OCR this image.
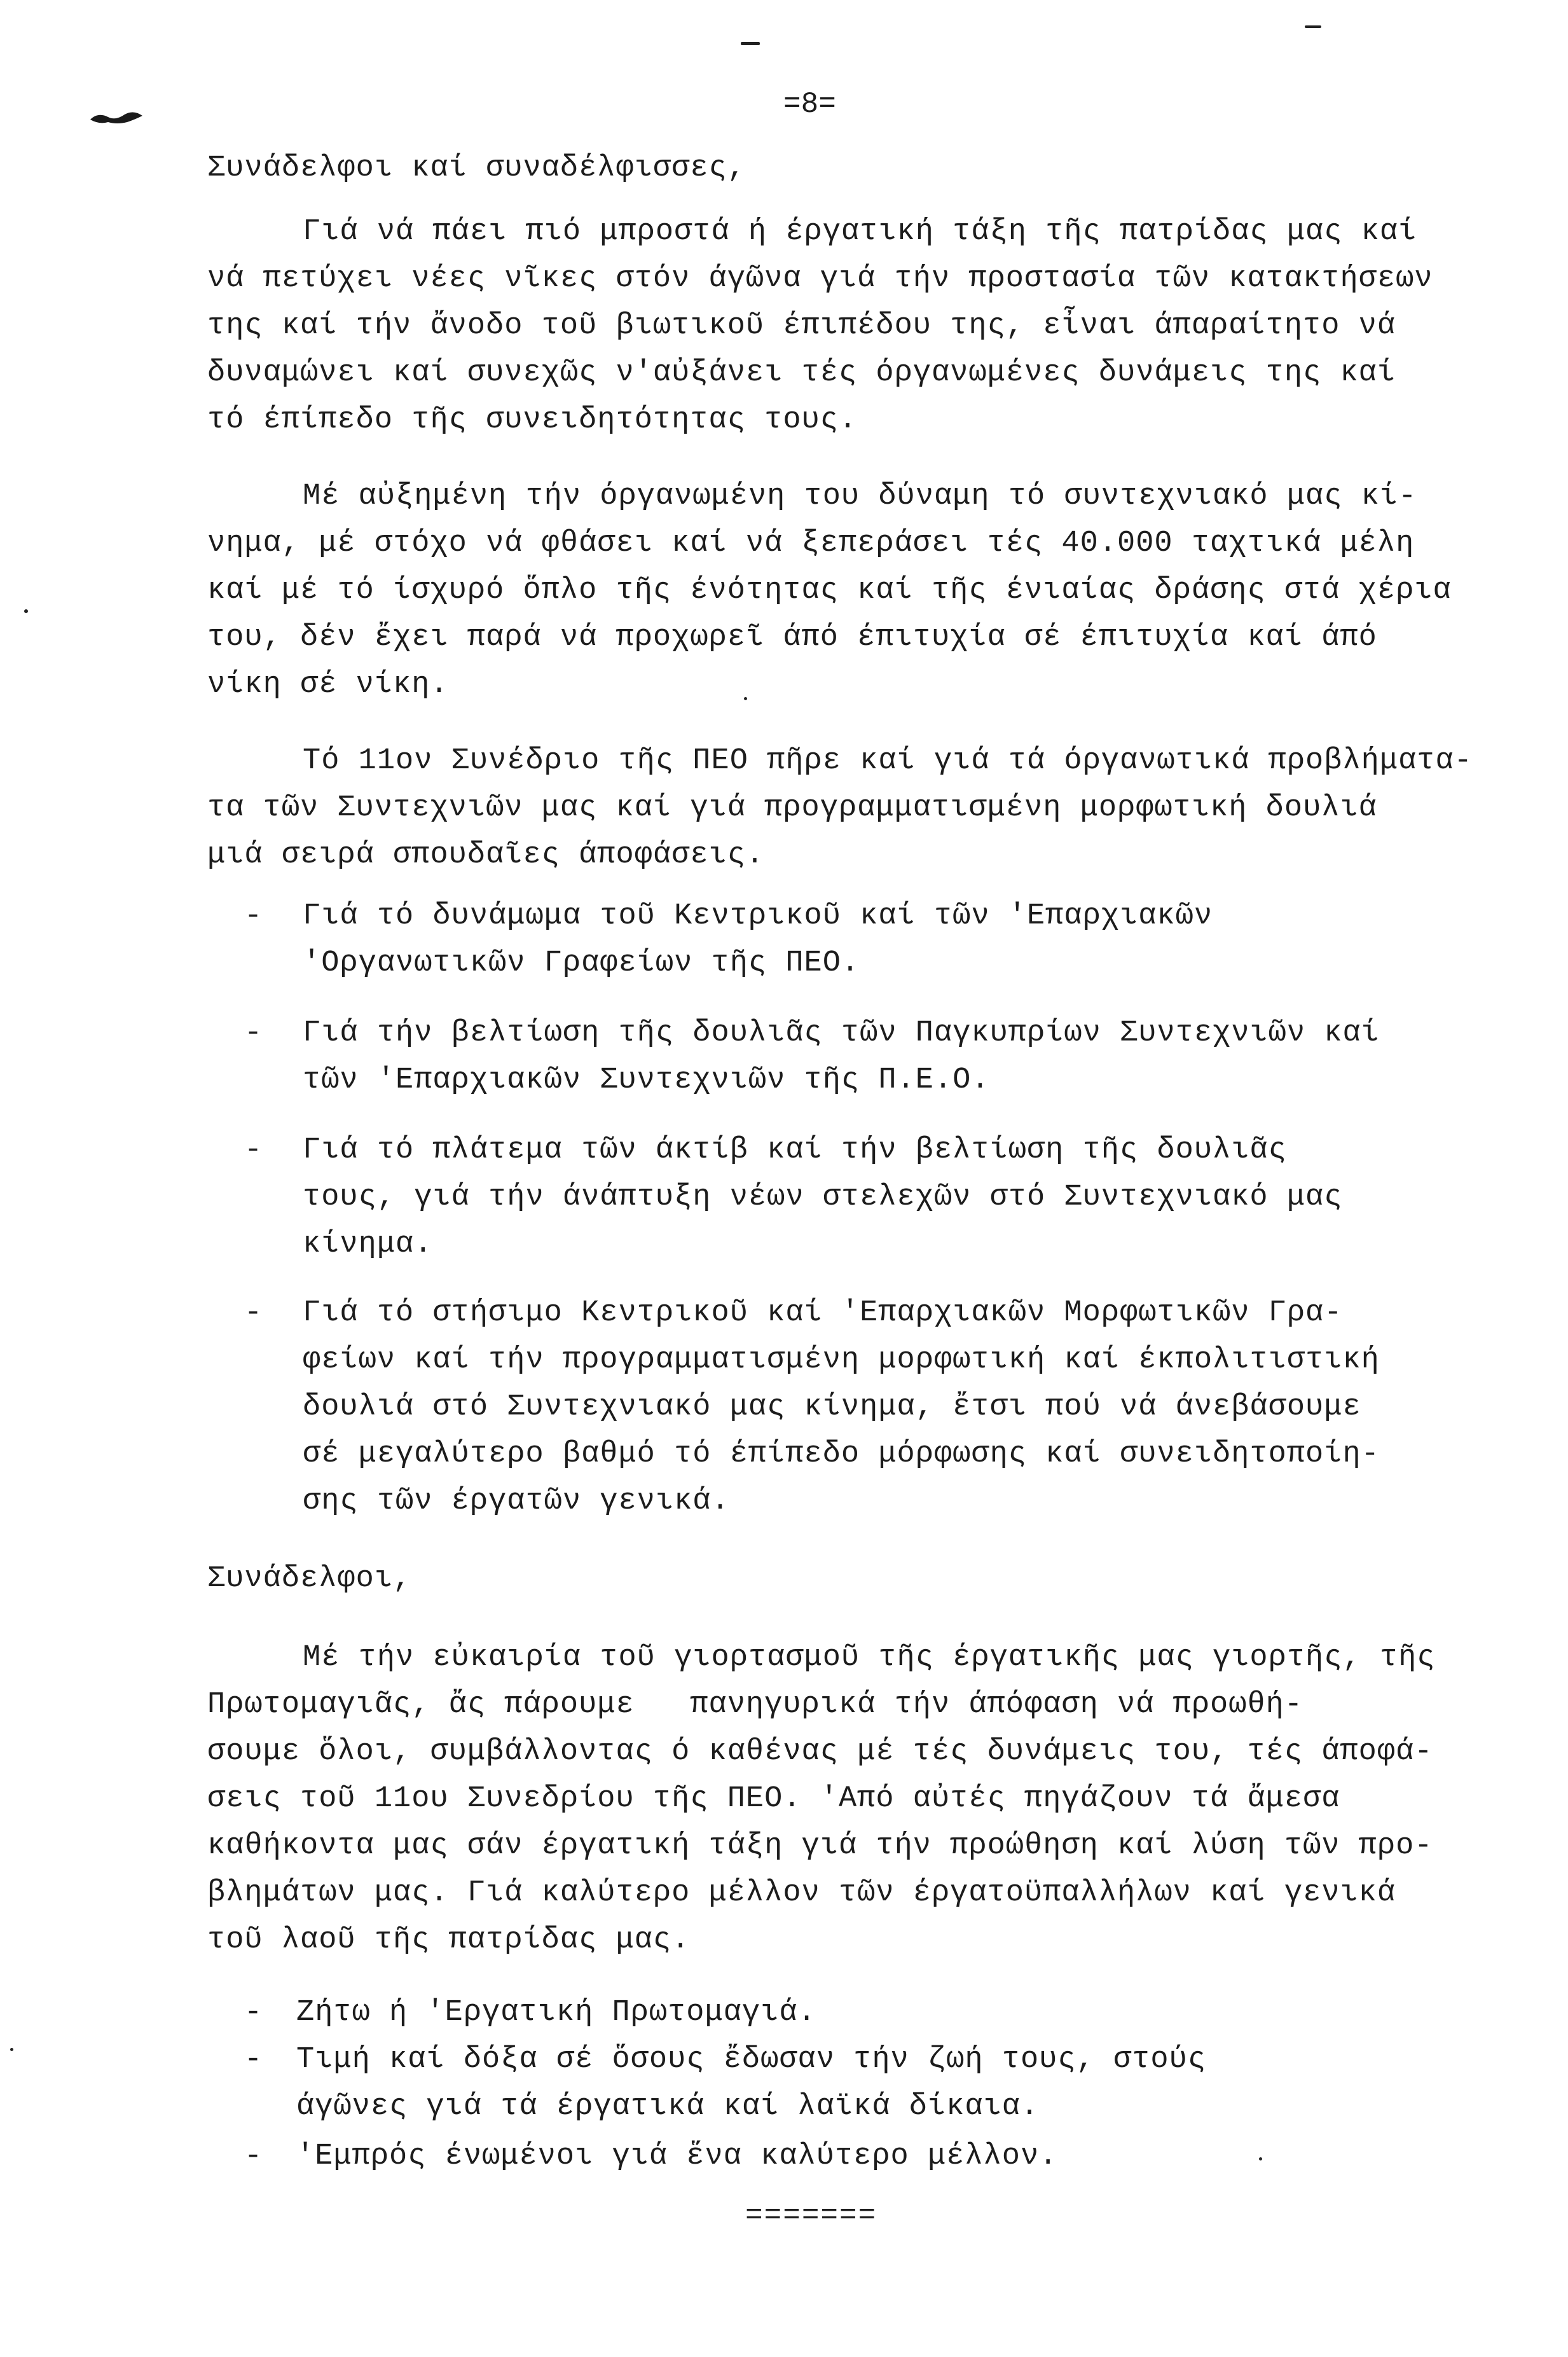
=8=
Συνάδελφοι καί συναδέλφισσες,
Γιά νά πάει πιό μπροστά ή έργατική τάξη τῆς πατρίδας μας καί
νά πετύχει νέες νῖκες στόν άγῶνα γιά τήν προστασία τῶν κατακτήσεων
της καί τήν ἄνοδο τοῦ βιωτικοῦ έπιπέδου της, εἶναι άπαραίτητο νά
δυναμώνει καί συνεχῶς ν'αὐξάνει τές όργανωμένες δυνάμεις της καί
τό έπίπεδο τῆς συνειδητότητας τους.
Μέ αὐξημένη τήν όργανωμένη του δύναμη τό συντεχνιακό μας κί-
νημα, μέ στόχο νά φθάσει καί νά ξεπεράσει τές 40.000 ταχτικά μέλη
καί μέ τό ίσχυρό ὅπλο τῆς ένότητας καί τῆς ένιαίας δράσης στά χέρια
του, δέν ἔχει παρά νά προχωρεῖ άπό έπιτυχία σέ έπιτυχία καί άπό
νίκη σέ νίκη.
Τό 11ον Συνέδριο τῆς ΠΕΟ πῆρε καί γιά τά όργανωτικά προβλήματα-
τα τῶν Συντεχνιῶν μας καί γιά προγραμματισμένη μορφωτική δουλιά
μιά σειρά σπουδαῖες άποφάσεις.
- Γιά τό δυνάμωμα τοῦ Κεντρικοῦ καί τῶν 'Επαρχιακῶν
'Οργανωτικῶν Γραφείων τῆς ΠΕΟ.
- Γιά τήν βελτίωση τῆς δουλιᾶς τῶν Παγκυπρίων Συντεχνιῶν καί
τῶν 'Επαρχιακῶν Συντεχνιῶν τῆς Π.Ε.Ο.
- Γιά τό πλάτεμα τῶν άκτίβ καί τήν βελτίωση τῆς δουλιᾶς
τους, γιά τήν άνάπτυξη νέων στελεχῶν στό Συντεχνιακό μας
κίνημα.
- Γιά τό στήσιμο Κεντρικοῦ καί 'Επαρχιακῶν Μορφωτικῶν Γρα-
φείων καί τήν προγραμματισμένη μορφωτική καί έκπολιτιστική
δουλιά στό Συντεχνιακό μας κίνημα, ἔτσι πού νά άνεβάσουμε
σέ μεγαλύτερο βαθμό τό έπίπεδο μόρφωσης καί συνειδητοποίη-
σης τῶν έργατῶν γενικά.
Συνάδελφοι,
Μέ τήν εὐκαιρία τοῦ γιορτασμοῦ τῆς έργατικῆς μας γιορτῆς, τῆς
Πρωτομαγιᾶς, ἄς πάρουμε   πανηγυρικά τήν άπόφαση νά προωθή-
σουμε ὅλοι, συμβάλλοντας ό καθένας μέ τές δυνάμεις του, τές άποφά-
σεις τοῦ 11ου Συνεδρίου τῆς ΠΕΟ. 'Από αὐτές πηγάζουν τά ἄμεσα
καθήκοντα μας σάν έργατική τάξη γιά τήν προώθηση καί λύση τῶν προ-
βλημάτων μας. Γιά καλύτερο μέλλον τῶν έργατοϋπαλλήλων καί γενικά
τοῦ λαοῦ τῆς πατρίδας μας.
- Ζήτω ή 'Εργατική Πρωτομαγιά.
- Τιμή καί δόξα σέ ὅσους ἔδωσαν τήν ζωή τους, στούς
άγῶνες γιά τά έργατικά καί λαϊκά δίκαια.
- 'Εμπρός ένωμένοι γιά ἕνα καλύτερο μέλλον.
=======
